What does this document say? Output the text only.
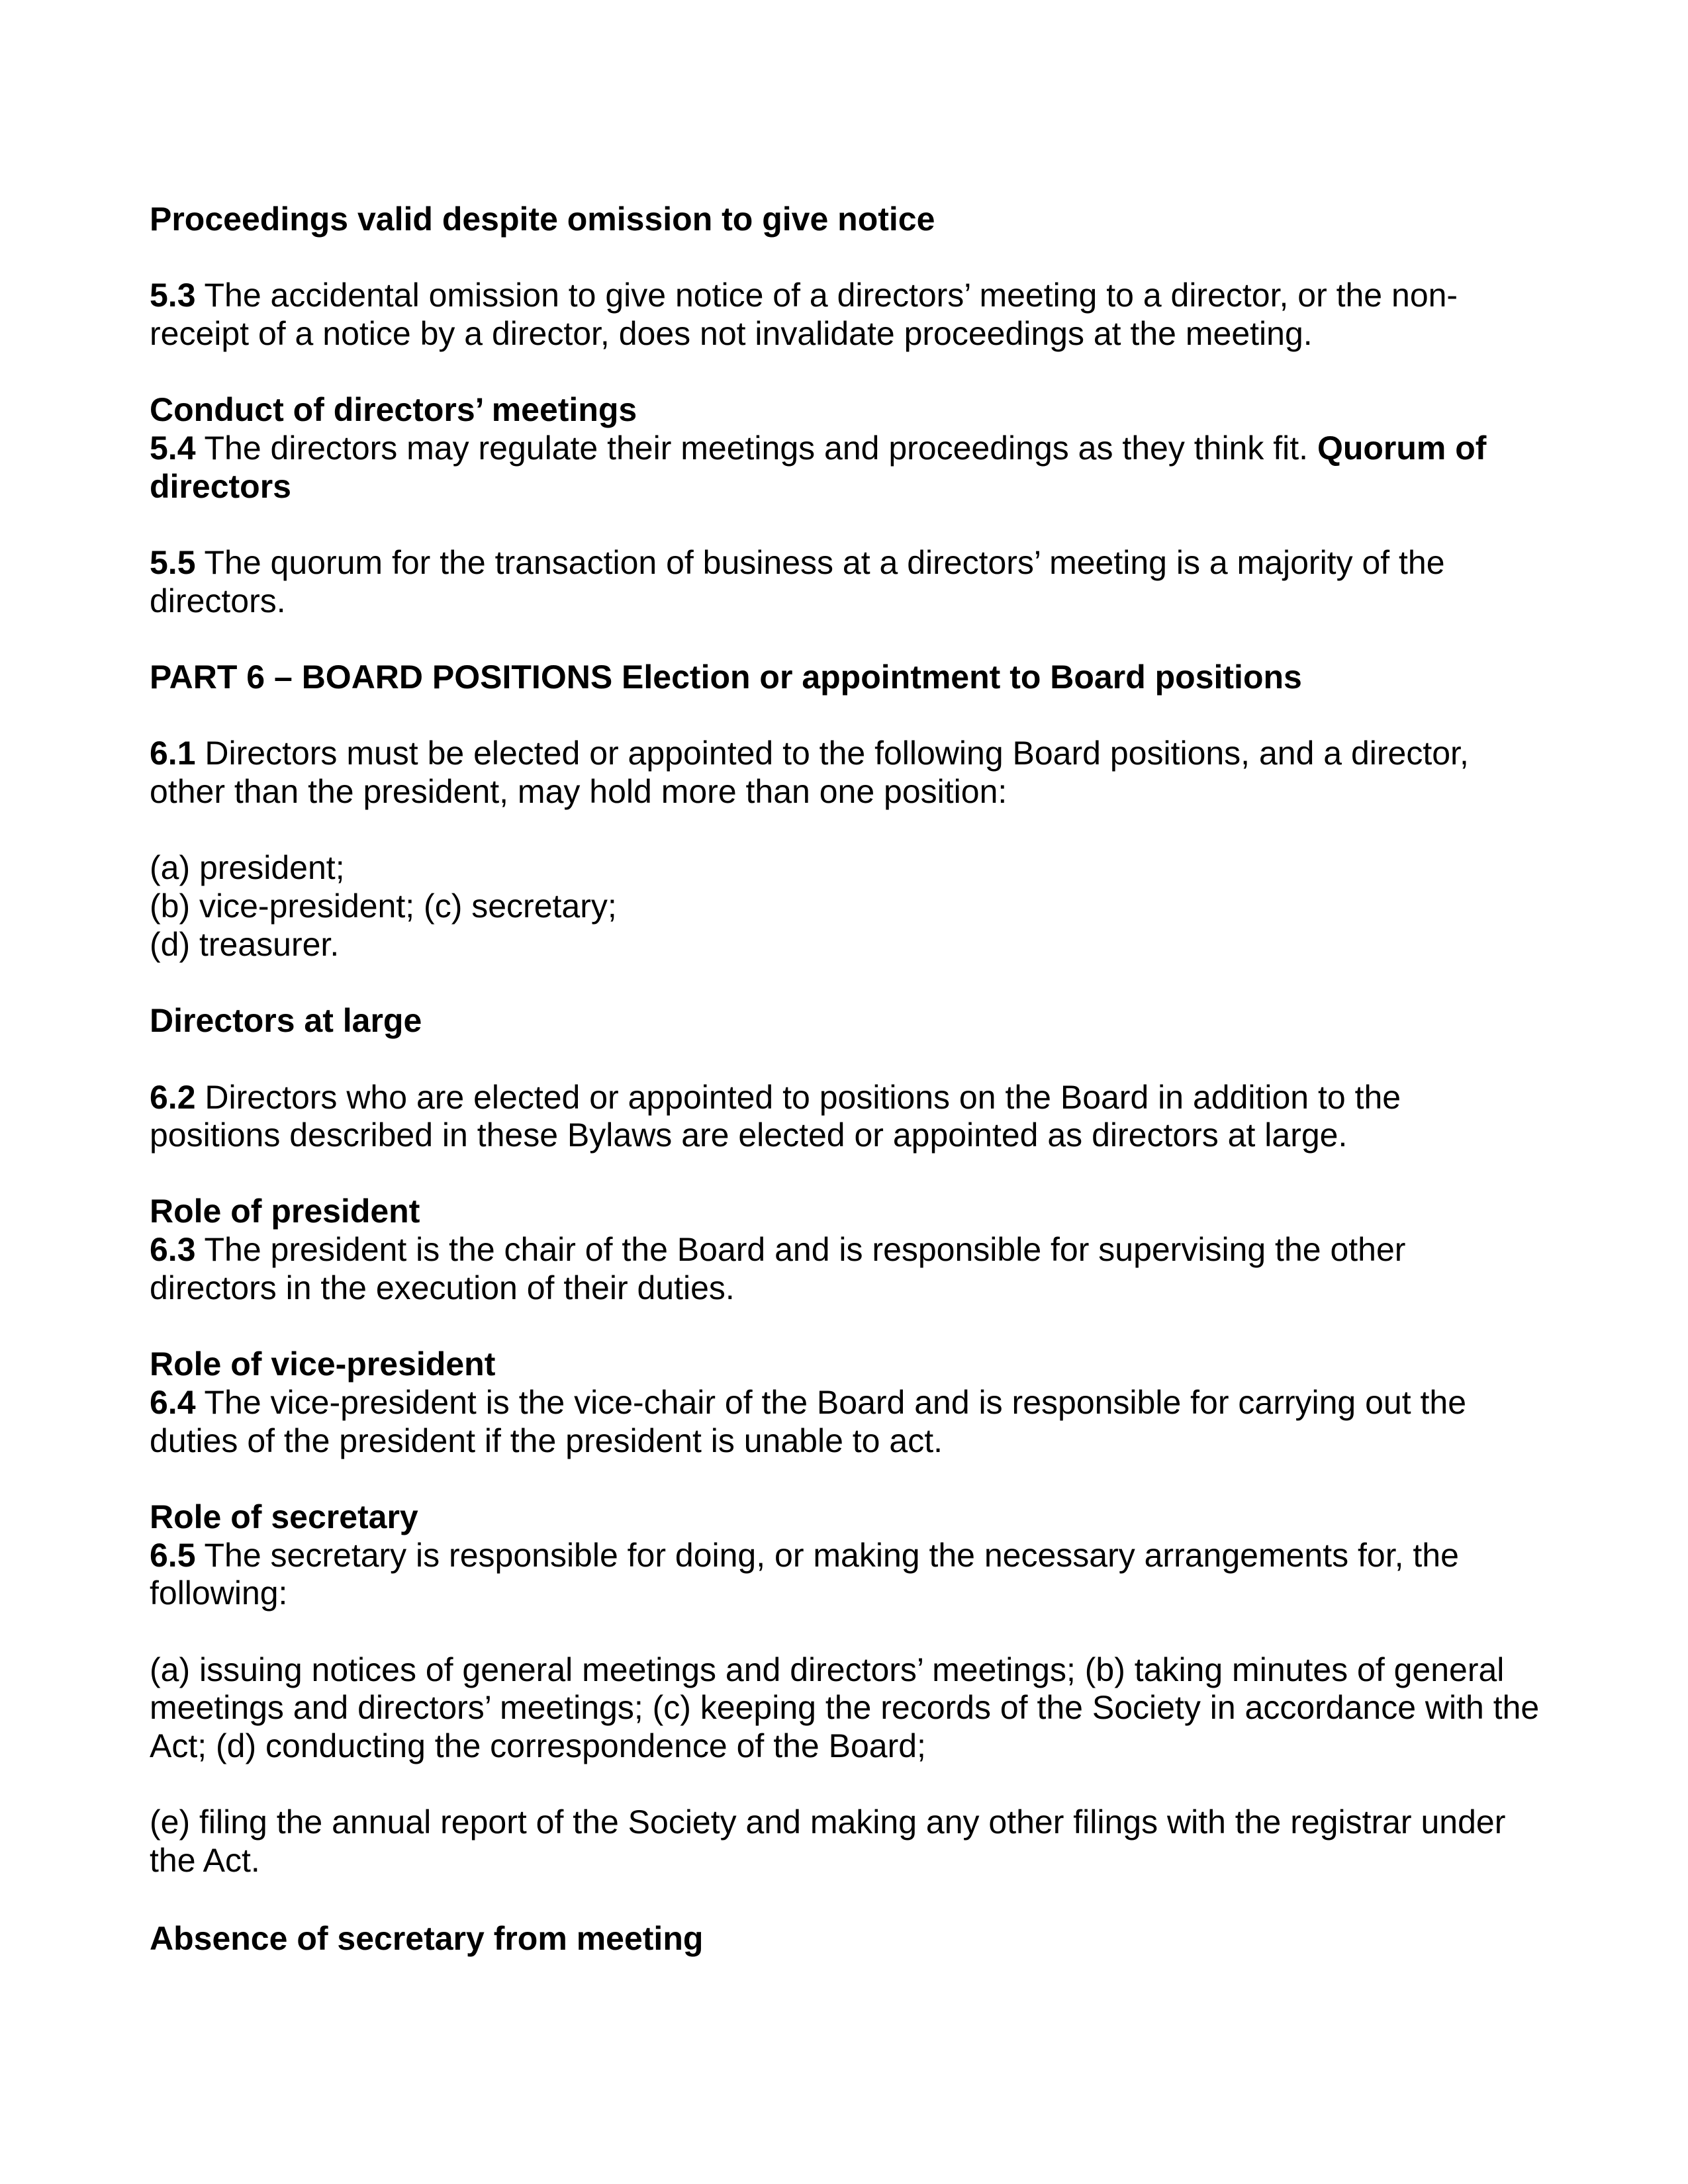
Proceedings valid despite omission to give notice
5.3 The accidental omission to give notice of a directors’ meeting to a director, or the non-
receipt of a notice by a director, does not invalidate proceedings at the meeting.
Conduct of directors’ meetings
5.4 The directors may regulate their meetings and proceedings as they think fit. Quorum of
directors
5.5 The quorum for the transaction of business at a directors’ meeting is a majority of the
directors.
PART 6 – BOARD POSITIONS Election or appointment to Board positions
6.1 Directors must be elected or appointed to the following Board positions, and a director,
other than the president, may hold more than one position:
(a) president;
(b) vice-president; (c) secretary;
(d) treasurer.
Directors at large
6.2 Directors who are elected or appointed to positions on the Board in addition to the
positions described in these Bylaws are elected or appointed as directors at large.
Role of president
6.3 The president is the chair of the Board and is responsible for supervising the other
directors in the execution of their duties.
Role of vice-president
6.4 The vice-president is the vice-chair of the Board and is responsible for carrying out the
duties of the president if the president is unable to act.
Role of secretary
6.5 The secretary is responsible for doing, or making the necessary arrangements for, the
following:
(a) issuing notices of general meetings and directors’ meetings; (b) taking minutes of general
meetings and directors’ meetings; (c) keeping the records of the Society in accordance with the
Act; (d) conducting the correspondence of the Board;
(e) filing the annual report of the Society and making any other filings with the registrar under
the Act.
Absence of secretary from meeting
